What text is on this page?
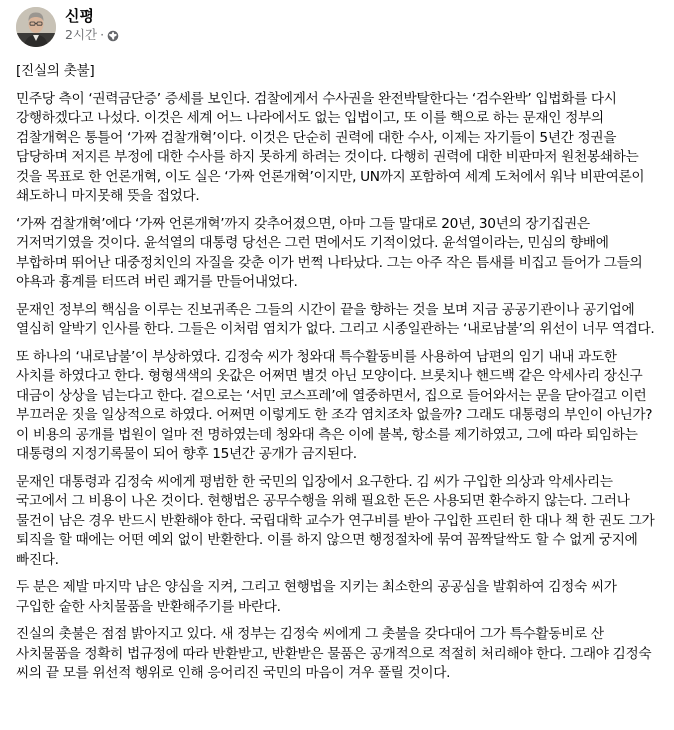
신평
2시간 ·

[진실의 촛불]

민주당 측이 ‘권력금단증’ 증세를 보인다. 검찰에게서 수사권을 완전박탈한다는 ‘검수완박’ 입법화를 다시 강행하겠다고 나섰다. 이것은 세계 어느 나라에서도 없는 입법이고, 또 이를 핵으로 하는 문재인 정부의 검찰개혁은 통틀어 ‘가짜 검찰개혁’이다. 이것은 단순히 권력에 대한 수사, 이제는 자기들이 5년간 정권을 담당하며 저지른 부정에 대한 수사를 하지 못하게 하려는 것이다. 다행히 권력에 대한 비판마저 원천봉쇄하는 것을 목표로 한 언론개혁, 이도 실은 ‘가짜 언론개혁’이지만, UN까지 포함하여 세계 도처에서 워낙 비판여론이 쇄도하니 마지못해 뜻을 접었다.

‘가짜 검찰개혁’에다 ‘가짜 언론개혁’까지 갖추어졌으면, 아마 그들 말대로 20년, 30년의 장기집권은 거저먹기였을 것이다. 윤석열의 대통령 당선은 그런 면에서도 기적이었다. 윤석열이라는, 민심의 향배에 부합하며 뛰어난 대중정치인의 자질을 갖춘 이가 번쩍 나타났다. 그는 아주 작은 틈새를 비집고 들어가 그들의 야욕과 흉계를 터뜨려 버린 쾌거를 만들어내었다.

문재인 정부의 핵심을 이루는 진보귀족은 그들의 시간이 끝을 향하는 것을 보며 지금 공공기관이나 공기업에 열심히 알박기 인사를 한다. 그들은 이처럼 염치가 없다. 그리고 시종일관하는 ‘내로남불’의 위선이 너무 역겹다.

또 하나의 ‘내로남불’이 부상하였다. 김정숙 씨가 청와대 특수활동비를 사용하여 남편의 임기 내내 과도한 사치를 하였다고 한다. 형형색색의 옷값은 어쩌면 별것 아닌 모양이다. 브롯치나 핸드백 같은 악세사리 장신구 대금이 상상을 넘는다고 한다. 겉으로는 ‘서민 코스프레’에 열중하면서, 집으로 들어와서는 문을 닫아걸고 이런 부끄러운 짓을 일상적으로 하였다. 어쩌면 이렇게도 한 조각 염치조차 없을까? 그래도 대통령의 부인이 아닌가? 이 비용의 공개를 법원이 얼마 전 명하였는데 청와대 측은 이에 불복, 항소를 제기하였고, 그에 따라 퇴임하는 대통령의 지정기록물이 되어 향후 15년간 공개가 금지된다.

문재인 대통령과 김정숙 씨에게 평범한 한 국민의 입장에서 요구한다. 김 씨가 구입한 의상과 악세사리는 국고에서 그 비용이 나온 것이다. 현행법은 공무수행을 위해 필요한 돈은 사용되면 환수하지 않는다. 그러나 물건이 남은 경우 반드시 반환해야 한다. 국립대학 교수가 연구비를 받아 구입한 프린터 한 대나 책 한 권도 그가 퇴직을 할 때에는 어떤 예외 없이 반환한다. 이를 하지 않으면 행정절차에 묶여 꼼짝달싹도 할 수 없게 궁지에 빠진다.

두 분은 제발 마지막 남은 양심을 지켜, 그리고 현행법을 지키는 최소한의 공공심을 발휘하여 김정숙 씨가 구입한 숱한 사치물품을 반환해주기를 바란다.

진실의 촛불은 점점 밝아지고 있다. 새 정부는 김정숙 씨에게 그 촛불을 갖다대어 그가 특수활동비로 산 사치물품을 정확히 법규정에 따라 반환받고, 반환받은 물품은 공개적으로 적절히 처리해야 한다. 그래야 김정숙 씨의 끝 모를 위선적 행위로 인해 응어리진 국민의 마음이 겨우 풀릴 것이다.
